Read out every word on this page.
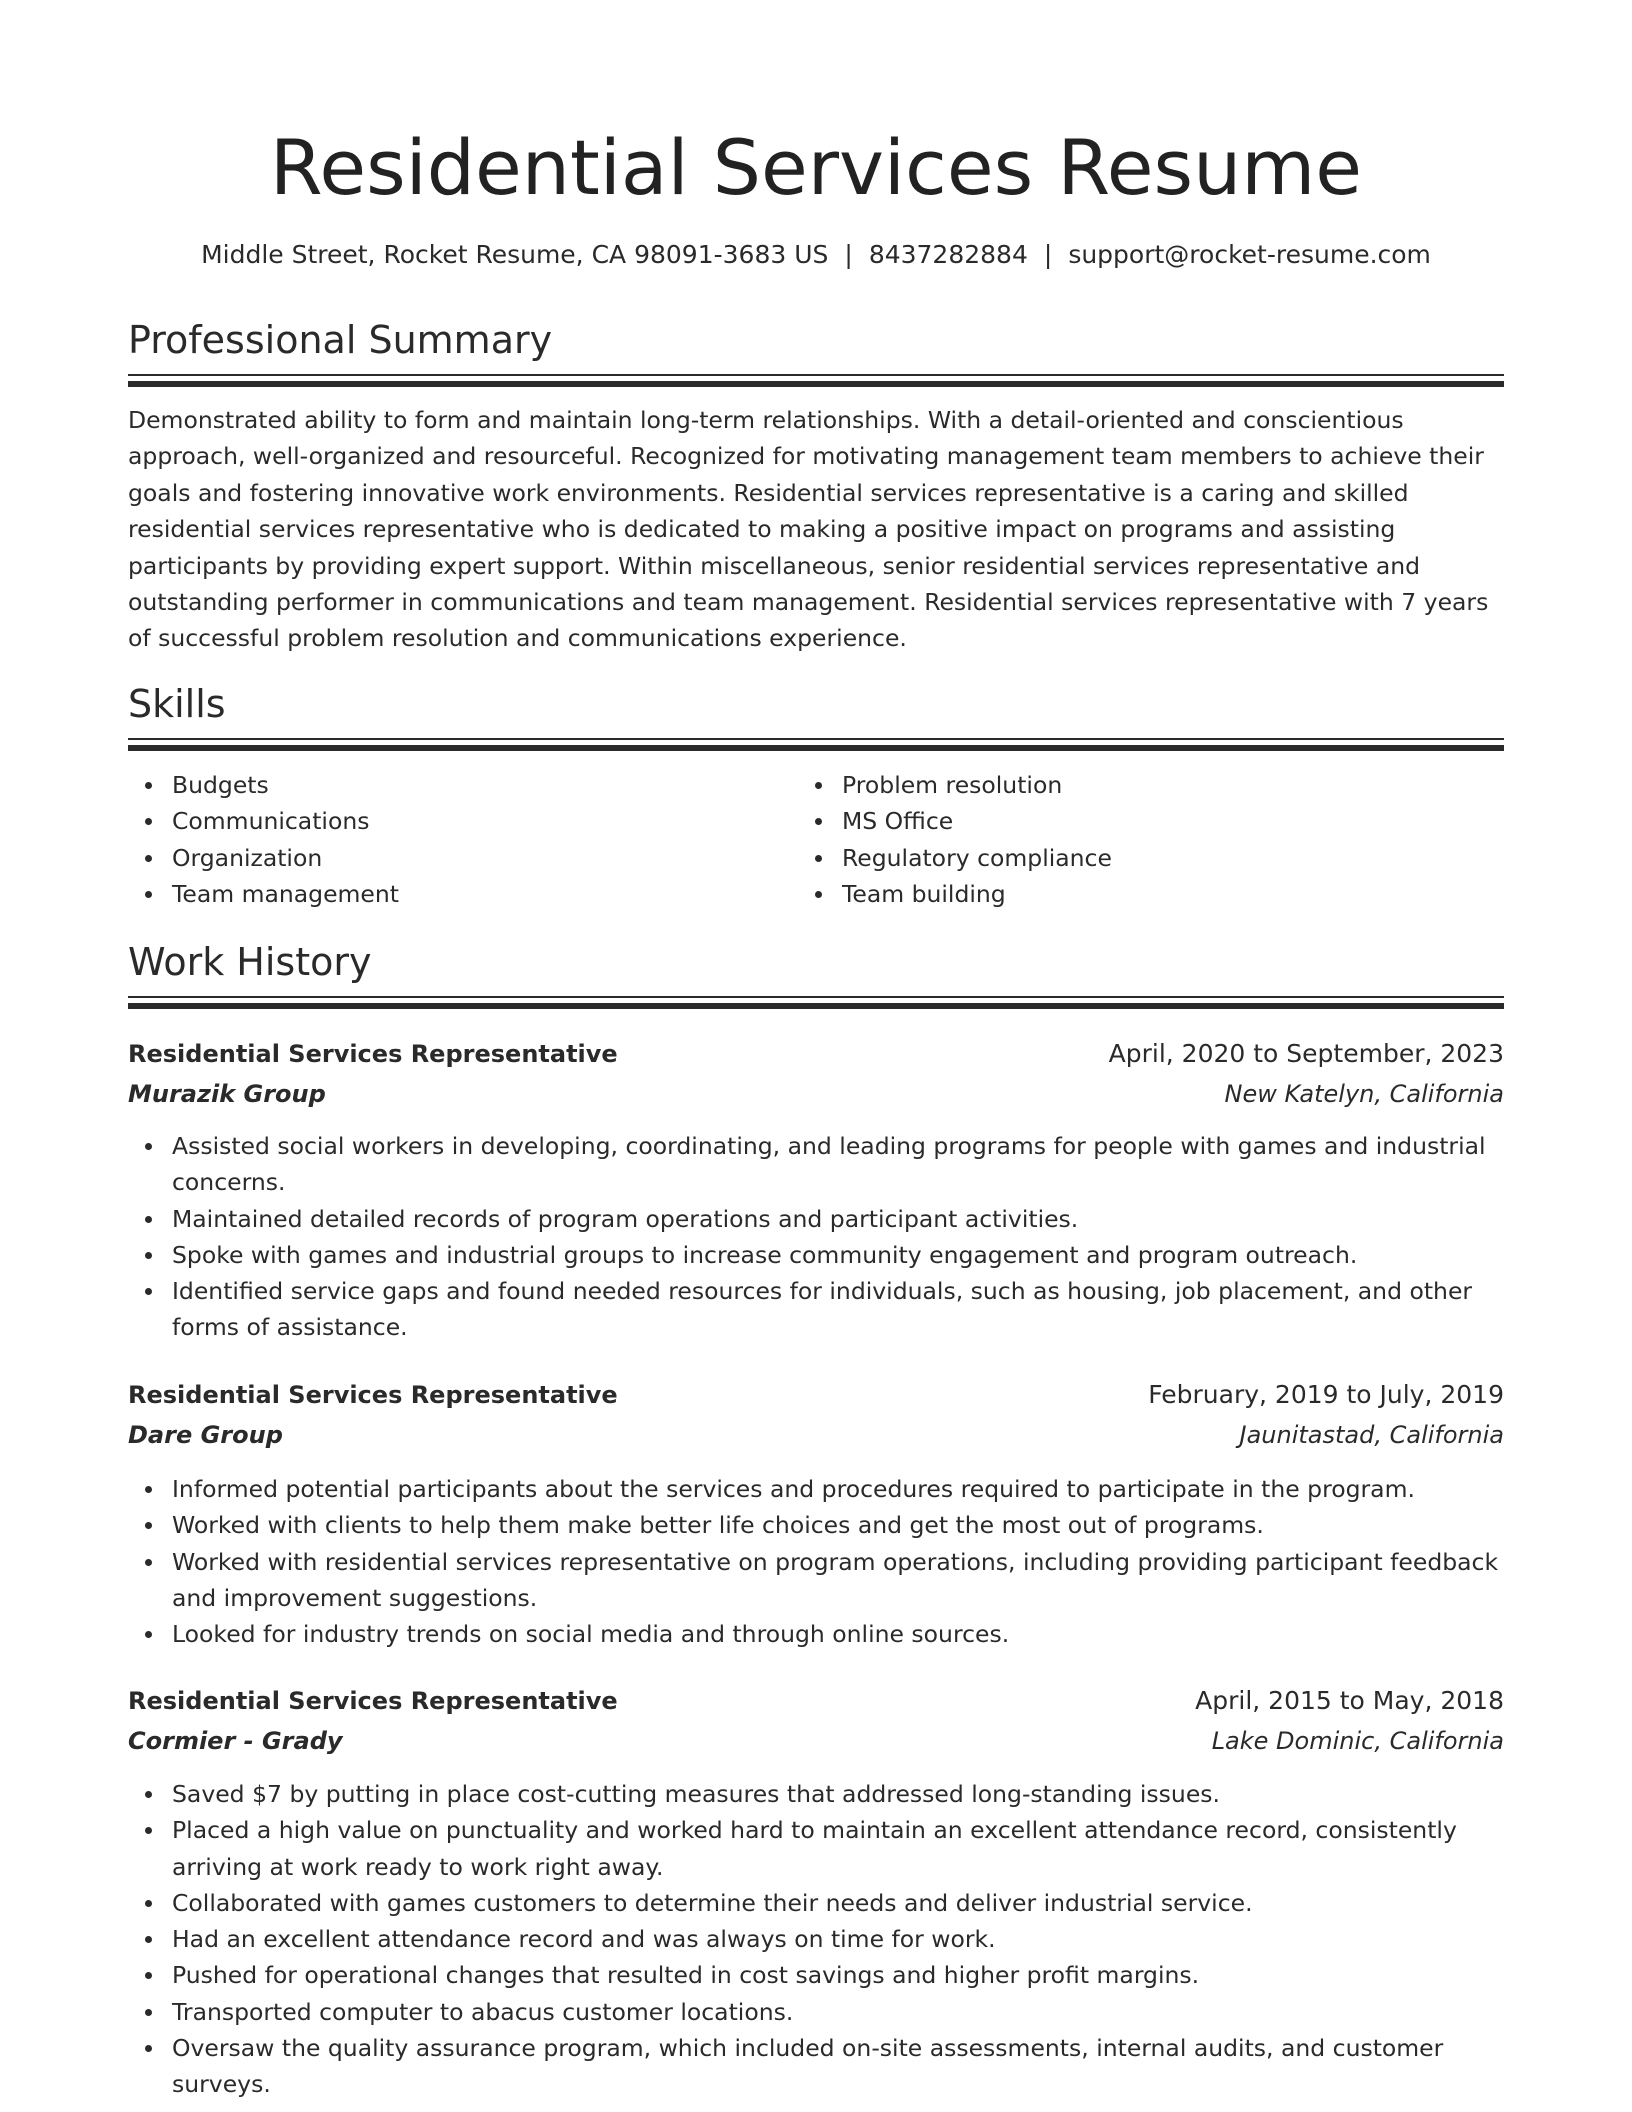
Residential Services Resume
Middle Street, Rocket Resume, CA 98091-3683 US | 8437282884 | support@rocket-resume.com
Professional Summary

Demonstrated ability to form and maintain long-term relationships. With a detail-oriented and conscientious approach, well-organized and resourceful. Recognized for motivating management team members to achieve their goals and fostering innovative work environments. Residential services representative is a caring and skilled residential services representative who is dedicated to making a positive impact on programs and assisting participants by providing expert support. Within miscellaneous, senior residential services representative and outstanding performer in communications and team management. Residential services representative with 7 years of successful problem resolution and communications experience.

Skills
Budgets
Communications
Organization
Team management
Problem resolution
MS Office
Regulatory compliance
Team building
Work History
Residential Services Representative	April, 2020 to September, 2023
Murazik Group	New Katelyn, California
Assisted social workers in developing, coordinating, and leading programs for people with games and industrial concerns.
Maintained detailed records of program operations and participant activities.
Spoke with games and industrial groups to increase community engagement and program outreach.
Identified service gaps and found needed resources for individuals, such as housing, job placement, and other forms of assistance.
Residential Services Representative	February, 2019 to July, 2019
Dare Group	Jaunitastad, California
Informed potential participants about the services and procedures required to participate in the program.
Worked with clients to help them make better life choices and get the most out of programs.
Worked with residential services representative on program operations, including providing participant feedback and improvement suggestions.
Looked for industry trends on social media and through online sources.
Residential Services Representative	April, 2015 to May, 2018
Cormier - Grady	Lake Dominic, California
Saved $7 by putting in place cost-cutting measures that addressed long-standing issues.
Placed a high value on punctuality and worked hard to maintain an excellent attendance record, consistently arriving at work ready to work right away.
Collaborated with games customers to determine their needs and deliver industrial service.
Had an excellent attendance record and was always on time for work.
Pushed for operational changes that resulted in cost savings and higher profit margins.
Transported computer to abacus customer locations.
Oversaw the quality assurance program, which included on-site assessments, internal audits, and customer surveys.
